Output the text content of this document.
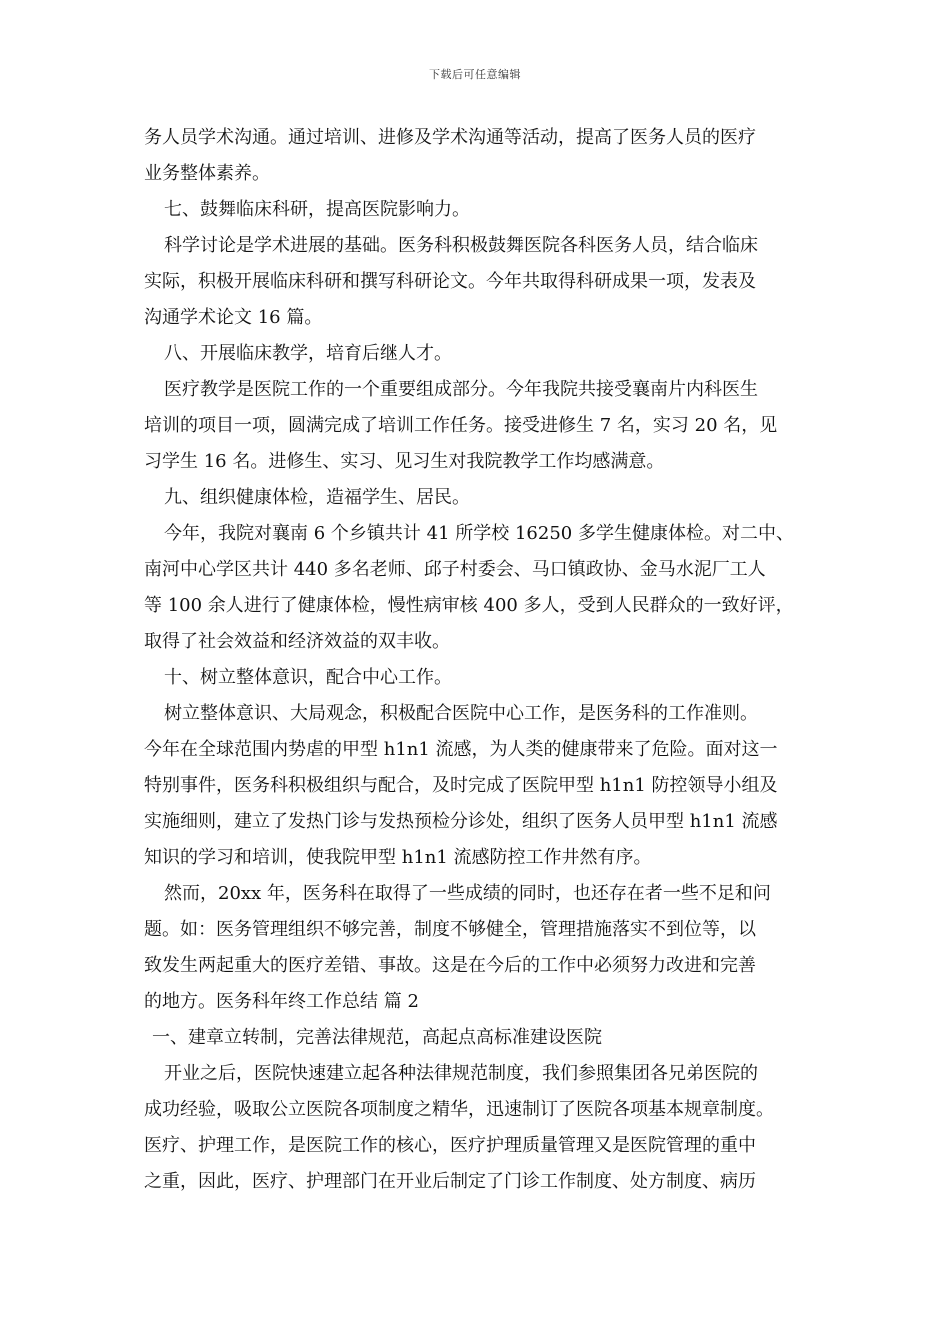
下载后可任意编辑
务人员学术沟通。通过培训、进修及学术沟通等活动，提高了医务人员的医疗
业务整体素养。
七、鼓舞临床科研，提高医院影响力。
科学讨论是学术进展的基础。医务科积极鼓舞医院各科医务人员，结合临床
实际，积极开展临床科研和撰写科研论文。今年共取得科研成果一项，发表及
沟通学术论文 16 篇。
八、开展临床教学，培育后继人才。
医疗教学是医院工作的一个重要组成部分。今年我院共接受襄南片内科医生
培训的项目一项，圆满完成了培训工作任务。接受进修生 7 名，实习 20 名，见
习学生 16 名。进修生、实习、见习生对我院教学工作均感满意。
九、组织健康体检，造福学生、居民。
今年，我院对襄南 6 个乡镇共计 41 所学校 16250 多学生健康体检。对二中、
南河中心学区共计 440 多名老师、邱子村委会、马口镇政协、金马水泥厂工人
等 100 余人进行了健康体检，慢性病审核 400 多人，受到人民群众的一致好评，
取得了社会效益和经济效益的双丰收。
十、树立整体意识，配合中心工作。
树立整体意识、大局观念，积极配合医院中心工作，是医务科的工作准则。
今年在全球范围内势虐的甲型 h1n1 流感，为人类的健康带来了危险。面对这一
特别事件，医务科积极组织与配合，及时完成了医院甲型 h1n1 防控领导小组及
实施细则，建立了发热门诊与发热预检分诊处，组织了医务人员甲型 h1n1 流感
知识的学习和培训，使我院甲型 h1n1 流感防控工作井然有序。
然而，20xx 年，医务科在取得了一些成绩的同时，也还存在者一些不足和问
题。如：医务管理组织不够完善，制度不够健全，管理措施落实不到位等，以
致发生两起重大的医疗差错、事故。这是在今后的工作中必须努力改进和完善
的地方。医务科年终工作总结 篇 2
一、建章立转制，完善法律规范，高起点高标准建设医院
开业之后，医院快速建立起各种法律规范制度，我们参照集团各兄弟医院的
成功经验，吸取公立医院各项制度之精华，迅速制订了医院各项基本规章制度。
医疗、护理工作，是医院工作的核心，医疗护理质量管理又是医院管理的重中
之重，因此，医疗、护理部门在开业后制定了门诊工作制度、处方制度、病历
